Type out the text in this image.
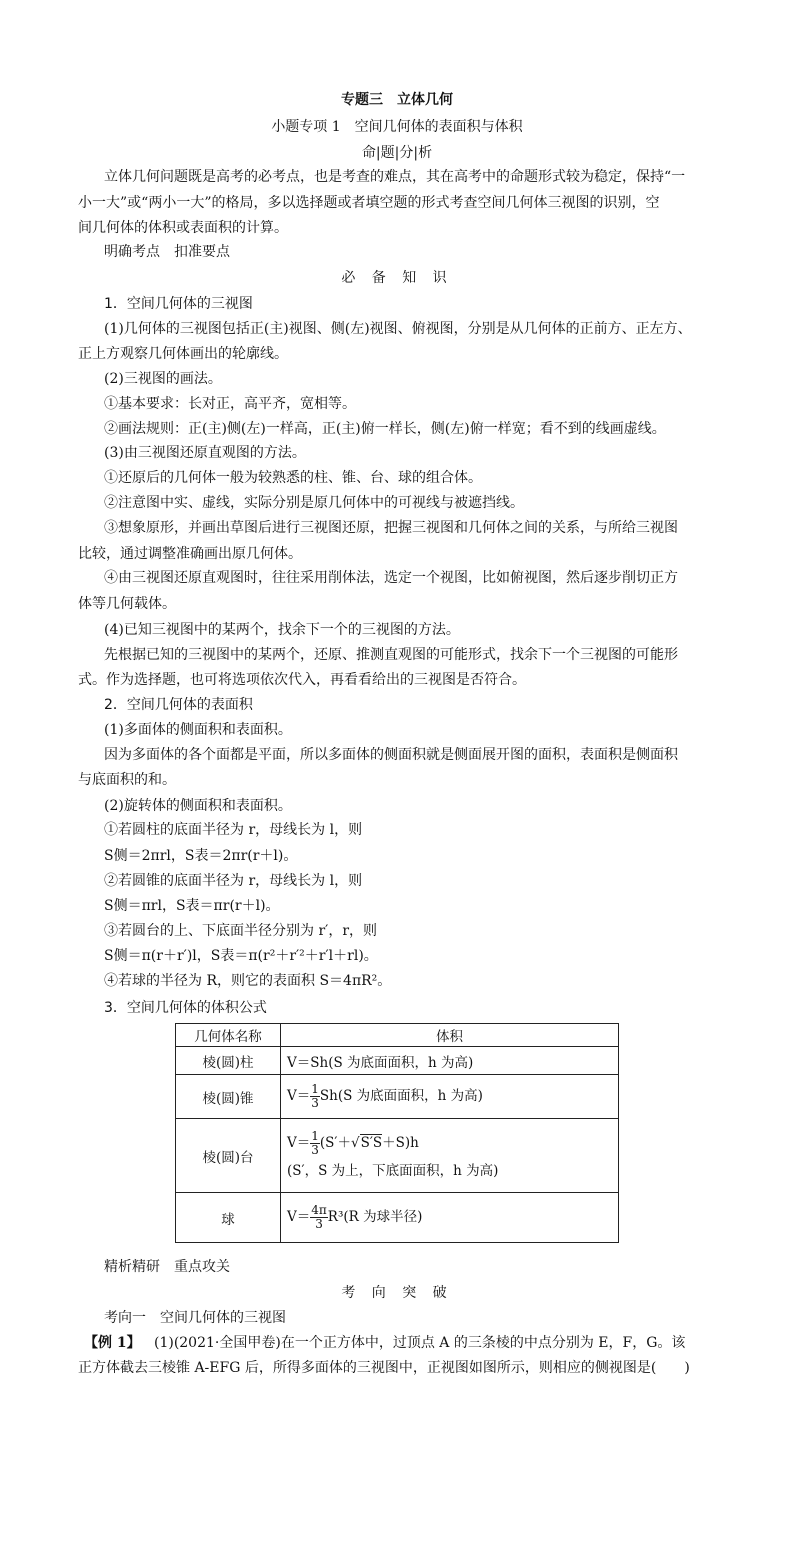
专题三　立体几何
小题专项 1　空间几何体的表面积与体积
命|题|分|析
立体几何问题既是高考的必考点，也是考查的难点，其在高考中的命题形式较为稳定，保持“一
小一大”或“两小一大”的格局，多以选择题或者填空题的形式考查空间几何体三视图的识别，空
间几何体的体积或表面积的计算。
明确考点　扣准要点
必 备 知 识
1．空间几何体的三视图
(1)几何体的三视图包括正(主)视图、侧(左)视图、俯视图，分别是从几何体的正前方、正左方、
正上方观察几何体画出的轮廓线。
(2)三视图的画法。
①基本要求：长对正，高平齐，宽相等。
②画法规则：正(主)侧(左)一样高，正(主)俯一样长，侧(左)俯一样宽；看不到的线画虚线。
(3)由三视图还原直观图的方法。
①还原后的几何体一般为较熟悉的柱、锥、台、球的组合体。
②注意图中实、虚线，实际分别是原几何体中的可视线与被遮挡线。
③想象原形，并画出草图后进行三视图还原，把握三视图和几何体之间的关系，与所给三视图
比较，通过调整准确画出原几何体。
④由三视图还原直观图时，往往采用削体法，选定一个视图，比如俯视图，然后逐步削切正方
体等几何载体。
(4)已知三视图中的某两个，找余下一个的三视图的方法。
先根据已知的三视图中的某两个，还原、推测直观图的可能形式，找余下一个三视图的可能形
式。作为选择题，也可将选项依次代入，再看看给出的三视图是否符合。
2．空间几何体的表面积
(1)多面体的侧面积和表面积。
因为多面体的各个面都是平面，所以多面体的侧面积就是侧面展开图的面积，表面积是侧面积
与底面积的和。
(2)旋转体的侧面积和表面积。
①若圆柱的底面半径为 r，母线长为 l，则
S侧＝2πrl，S表＝2πr(r＋l)。
②若圆锥的底面半径为 r，母线长为 l，则
S侧＝πrl，S表＝πr(r＋l)。
③若圆台的上、下底面半径分别为 r′，r，则
S侧＝π(r＋r′)l，S表＝π(r²＋r′²＋r′l＋rl)。
④若球的半径为 R，则它的表面积 S＝4πR²。
3．空间几何体的体积公式
几何体名称	体积
棱(圆)柱	V＝Sh(S 为底面面积，h 为高)
棱(圆)锥	$V= \frac{1}{3} Sh(S$ 为底面面积，h 为高)
棱(圆)台	$V= \frac{1}{3} (S'+√S'S+S)h$
(S′，S 为上，下底面面积，h 为高)

球	$V= \frac{4\pi}{3} R^3(R$ 为球半径)
精析精研　重点攻关
考 向 突 破
考向一　空间几何体的三视图
【例 1】 (1)(2021·全国甲卷)在一个正方体中，过顶点 A 的三条棱的中点分别为 E，F，G。该
正方体截去三棱锥 A-EFG 后，所得多面体的三视图中，正视图如图所示，则相应的侧视图是(　　)
